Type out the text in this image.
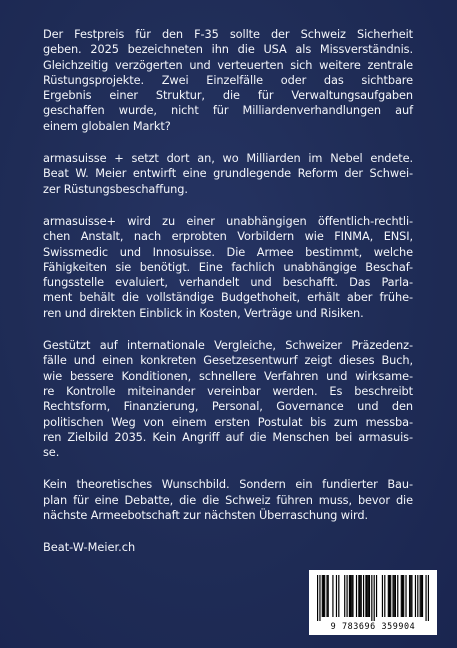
Der Festpreis für den F-35 sollte der Schweiz Sicherheit
geben. 2025 bezeichneten ihn die USA als Missverständnis.
Gleichzeitig verzögerten und verteuerten sich weitere zentrale
Rüstungsprojekte. Zwei Einzelfälle oder das sichtbare
Ergebnis einer Struktur, die für Verwaltungsaufgaben
geschaffen wurde, nicht für Milliardenverhandlungen auf
einem globalen Markt?

armasuisse + setzt dort an, wo Milliarden im Nebel endete.
Beat W. Meier entwirft eine grundlegende Reform der Schwei-
zer Rüstungsbeschaffung.

armasuisse+ wird zu einer unabhängigen öffentlich-rechtli-
chen Anstalt, nach erprobten Vorbildern wie FINMA, ENSI,
Swissmedic und Innosuisse. Die Armee bestimmt, welche
Fähigkeiten sie benötigt. Eine fachlich unabhängige Beschaf-
fungsstelle evaluiert, verhandelt und beschafft. Das Parla-
ment behält die vollständige Budgethoheit, erhält aber frühe-
ren und direkten Einblick in Kosten, Verträge und Risiken.

Gestützt auf internationale Vergleiche, Schweizer Präzedenz-
fälle und einen konkreten Gesetzesentwurf zeigt dieses Buch,
wie bessere Konditionen, schnellere Verfahren und wirksame-
re Kontrolle miteinander vereinbar werden. Es beschreibt
Rechtsform, Finanzierung, Personal, Governance und den
politischen Weg von einem ersten Postulat bis zum messba-
ren Zielbild 2035. Kein Angriff auf die Menschen bei armasuis-
se.

Kein theoretisches Wunschbild. Sondern ein fundierter Bau-
plan für eine Debatte, die die Schweiz führen muss, bevor die
nächste Armeebotschaft zur nächsten Überraschung wird.

Beat-W-Meier.ch
9 783696 359904
